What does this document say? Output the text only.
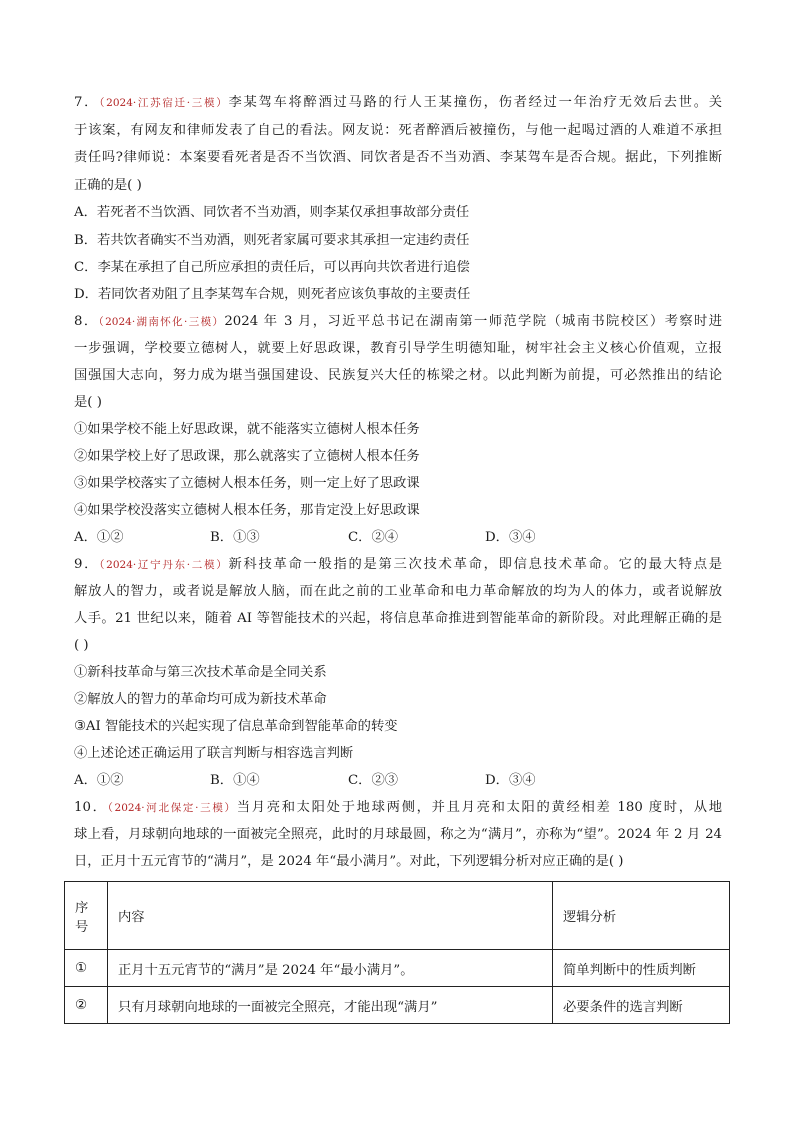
7．（2024·江苏宿迁·三模）李某驾车将醉酒过马路的行人王某撞伤，伤者经过一年治疗无效后去世。关
于该案，有网友和律师发表了自己的看法。网友说：死者醉酒后被撞伤，与他一起喝过酒的人难道不承担
责任吗?律师说：本案要看死者是否不当饮酒、同饮者是否不当劝酒、李某驾车是否合规。据此，下列推断
正确的是( )
A．若死者不当饮酒、同饮者不当劝酒，则李某仅承担事故部分责任
B．若共饮者确实不当劝酒，则死者家属可要求其承担一定违约责任
C．李某在承担了自己所应承担的责任后，可以再向共饮者进行追偿
D．若同饮者劝阻了且李某驾车合规，则死者应该负事故的主要责任
8．（2024·湖南怀化·三模）2024 年 3 月，习近平总书记在湖南第一师范学院（城南书院校区）考察时进
一步强调，学校要立德树人，就要上好思政课，教育引导学生明德知耻，树牢社会主义核心价值观，立报
国强国大志向，努力成为堪当强国建设、民族复兴大任的栋梁之材。以此判断为前提，可必然推出的结论
是( )
①如果学校不能上好思政课，就不能落实立德树人根本任务
②如果学校上好了思政课，那么就落实了立德树人根本任务
③如果学校落实了立德树人根本任务，则一定上好了思政课
④如果学校没落实立德树人根本任务，那肯定没上好思政课
A．①②	B．①③	C．②④	D．③④
9．（2024·辽宁丹东·二模）新科技革命一般指的是第三次技术革命，即信息技术革命。它的最大特点是
解放人的智力，或者说是解放人脑，而在此之前的工业革命和电力革命解放的均为人的体力，或者说解放
人手。21 世纪以来，随着 AI 等智能技术的兴起，将信息革命推进到智能革命的新阶段。对此理解正确的是
( )
①新科技革命与第三次技术革命是全同关系
②解放人的智力的革命均可成为新技术革命
③AI 智能技术的兴起实现了信息革命到智能革命的转变
④上述论述正确运用了联言判断与相容选言判断
A．①②	B．①④	C．②③	D．③④
10．（2024·河北保定·三模）当月亮和太阳处于地球两侧，并且月亮和太阳的黄经相差 180 度时，从地
球上看，月球朝向地球的一面被完全照亮，此时的月球最圆，称之为“满月”，亦称为“望”。2024 年 2 月 24
日，正月十五元宵节的“满月”，是 2024 年“最小满月”。对此，下列逻辑分析对应正确的是( )
序号	内容	逻辑分析
①	正月十五元宵节的“满月”是 2024 年“最小满月”。	简单判断中的性质判断
②	只有月球朝向地球的一面被完全照亮，才能出现“满月”	必要条件的选言判断
